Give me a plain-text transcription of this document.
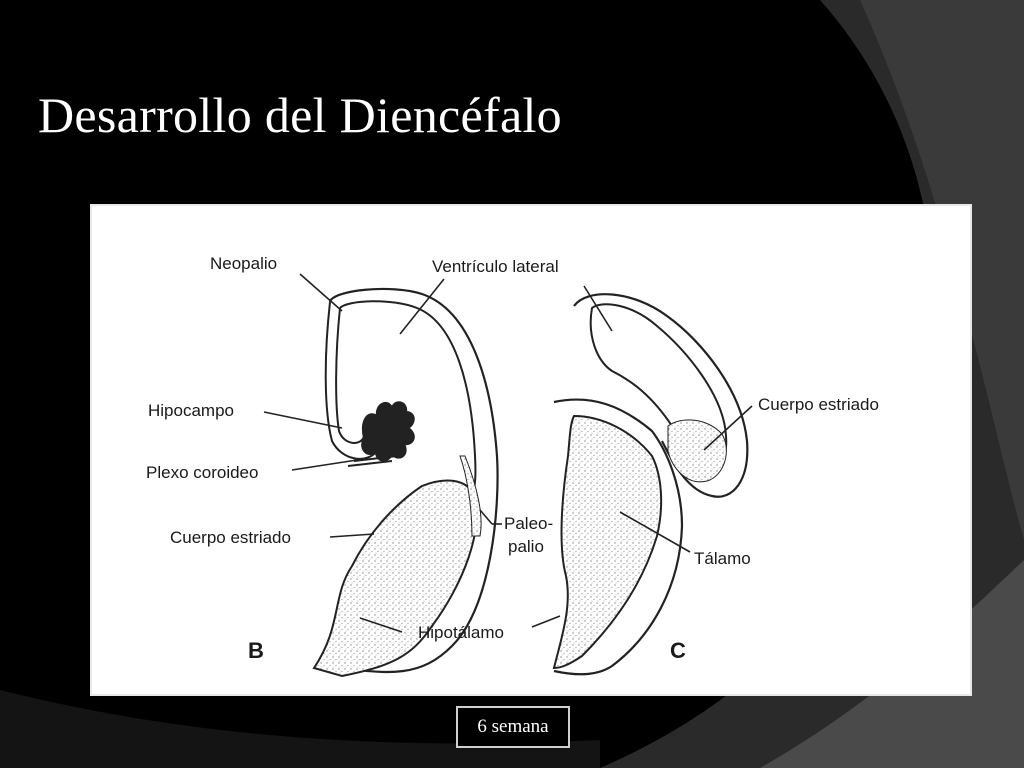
Desarrollo del Diencéfalo
Neopalio	Ventrículo lateral
Hipocampo
Plexo coroideo
Cuerpo estriado
Paleo-
palio
Hipotálamo
B
Cuerpo estriado
Tálamo
C
6 semana
